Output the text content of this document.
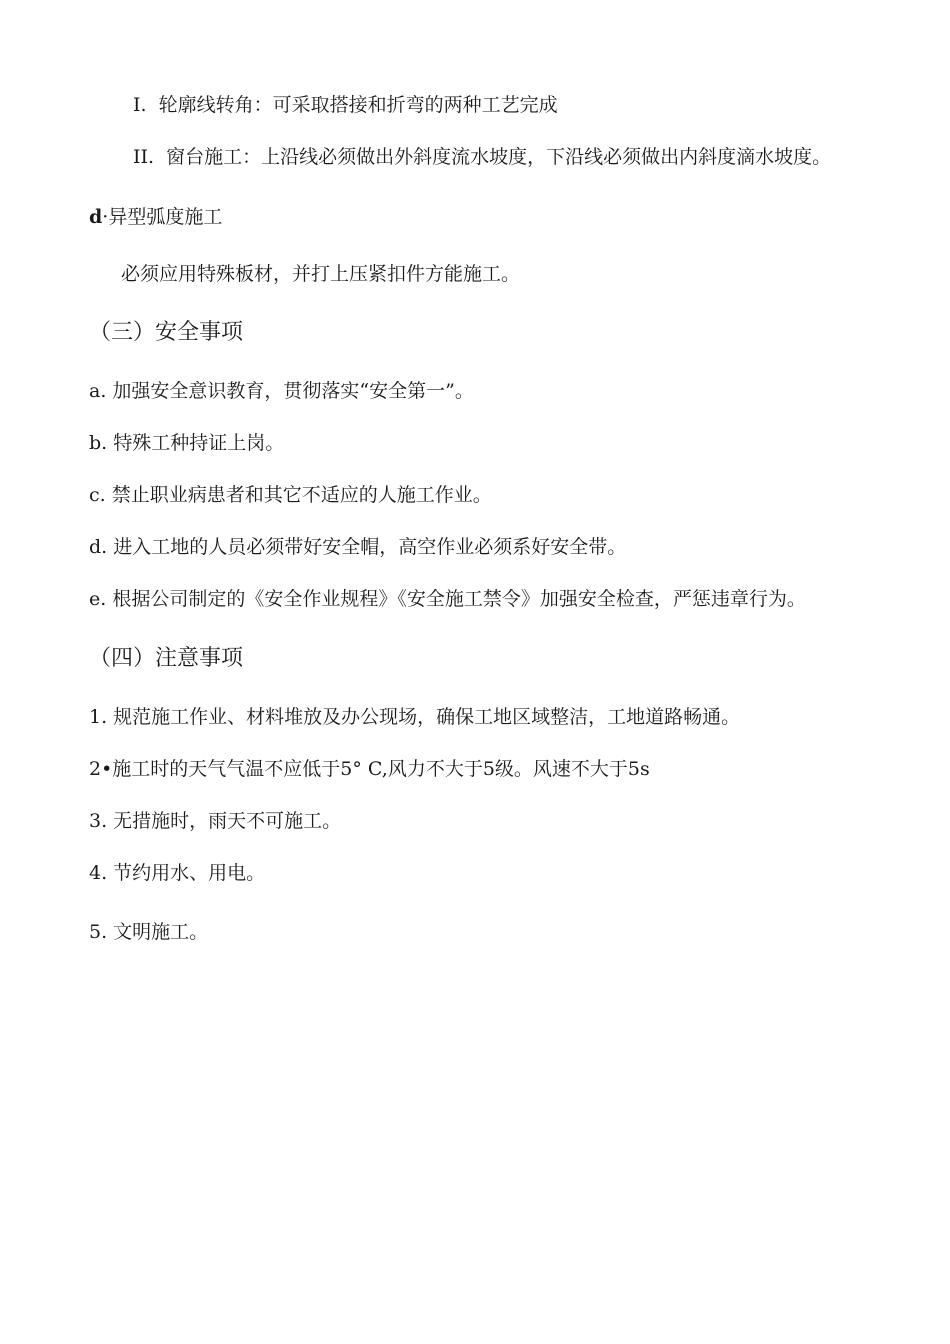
I. 轮廓线转角：可采取搭接和折弯的两种工艺完成
II. 窗台施工：上沿线必须做出外斜度流水坡度，下沿线必须做出内斜度滴水坡度。
d·异型弧度施工
必须应用特殊板材，并打上压紧扣件方能施工。
（三）安全事项
a. 加强安全意识教育，贯彻落实“安全第一”。
b. 特殊工种持证上岗。
c. 禁止职业病患者和其它不适应的人施工作业。
d. 进入工地的人员必须带好安全帽，高空作业必须系好安全带。
e. 根据公司制定的《安全作业规程》《安全施工禁令》加强安全检查，严惩违章行为。
（四）注意事项
1. 规范施工作业、材料堆放及办公现场，确保工地区域整洁，工地道路畅通。
2•施工时的天气气温不应低于5° C,风力不大于5级。风速不大于5s
3. 无措施时，雨天不可施工。
4. 节约用水、用电。
5. 文明施工。
